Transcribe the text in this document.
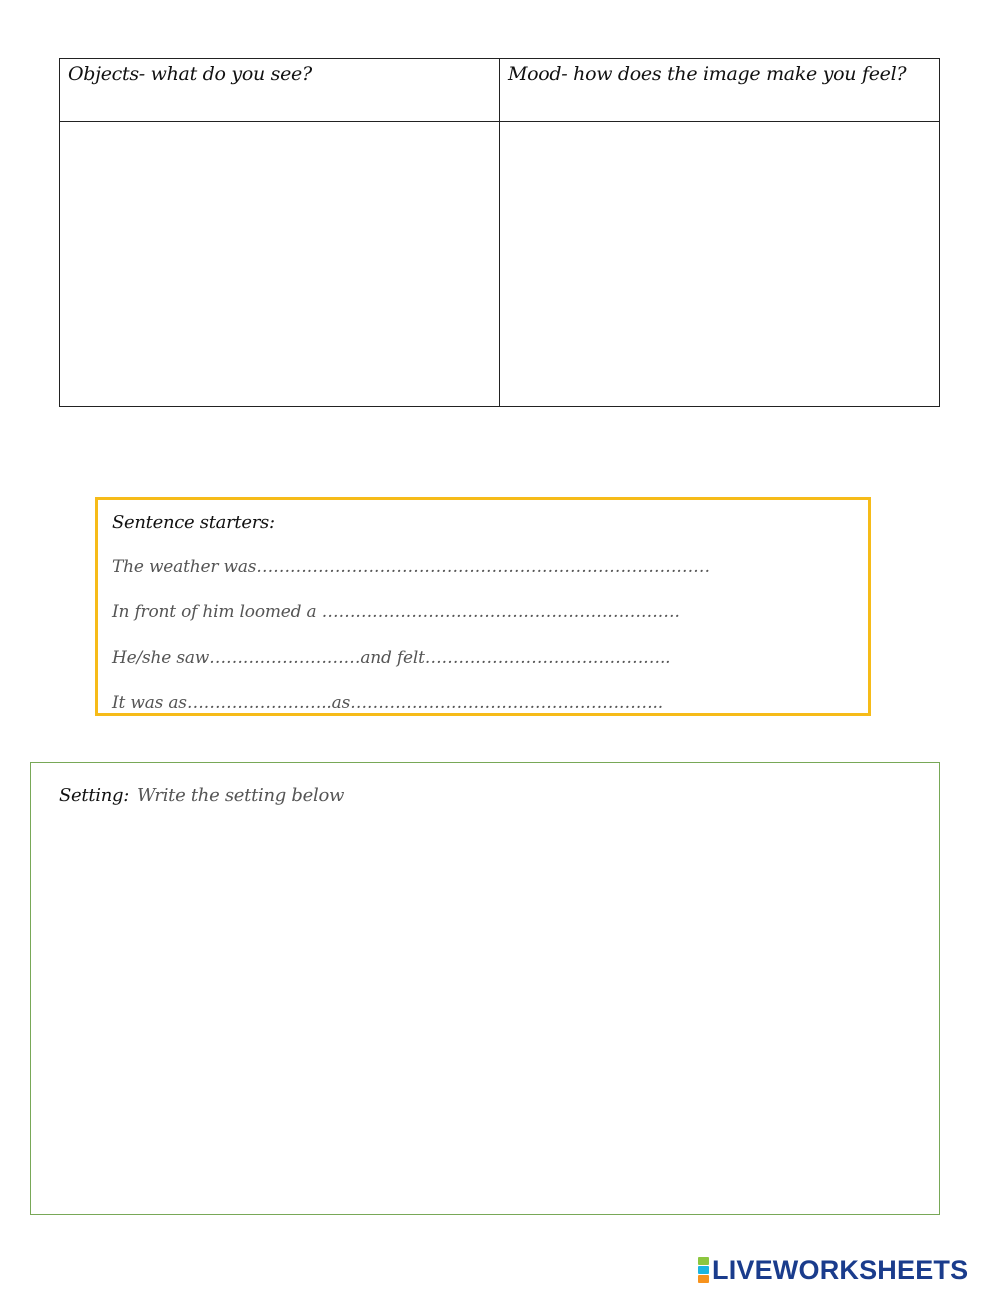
Objects- what do you see?	Mood- how does the image make you feel?

Sentence starters:
The weather was………………………………………………………………………
In front of him loomed a ……………………………………………………….
He/she saw………………………and felt……………………………………..
It was as……………………..as………………………………………………..
Setting: Write the setting below
LIVEWORKSHEETS
